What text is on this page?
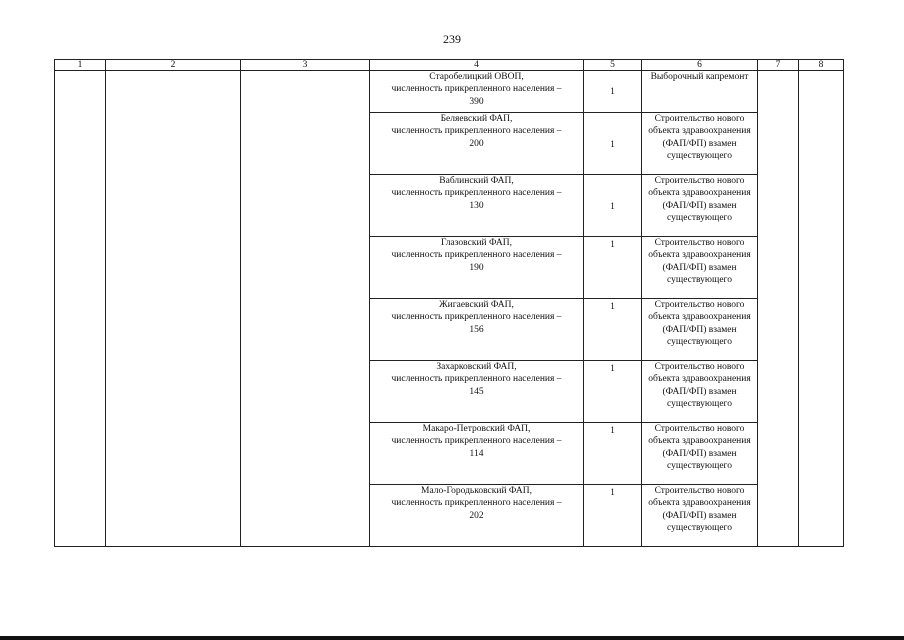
239
1	2	3	4	5	6	7	8

			Старобелицкий ОВОП,
численность прикрепленного населения –
390	1	Выборочный капремонт		

			Беляевский ФАП,
численность прикрепленного населения –
200	1	Строительство нового объекта здравоохранения (ФАП/ФП) взамен существующего		

			Ваблинский ФАП,
численность прикрепленного населения –
130	1	Строительство нового объекта здравоохранения (ФАП/ФП) взамен существующего		

			Глазовский ФАП,
численность прикрепленного населения –
190	1	Строительство нового объекта здравоохранения (ФАП/ФП) взамен существующего		

			Жигаевский ФАП,
численность прикрепленного населения –
156	1	Строительство нового объекта здравоохранения (ФАП/ФП) взамен существующего		

			Захарковский ФАП,
численность прикрепленного населения –
145	1	Строительство нового объекта здравоохранения (ФАП/ФП) взамен существующего		

			Макаро-Петровский ФАП,
численность прикрепленного населения –
114	1	Строительство нового объекта здравоохранения (ФАП/ФП) взамен существующего		

			Мало-Городьковский ФАП,
численность прикрепленного населения –
202	1	Строительство нового объекта здравоохранения (ФАП/ФП) взамен существующего		
